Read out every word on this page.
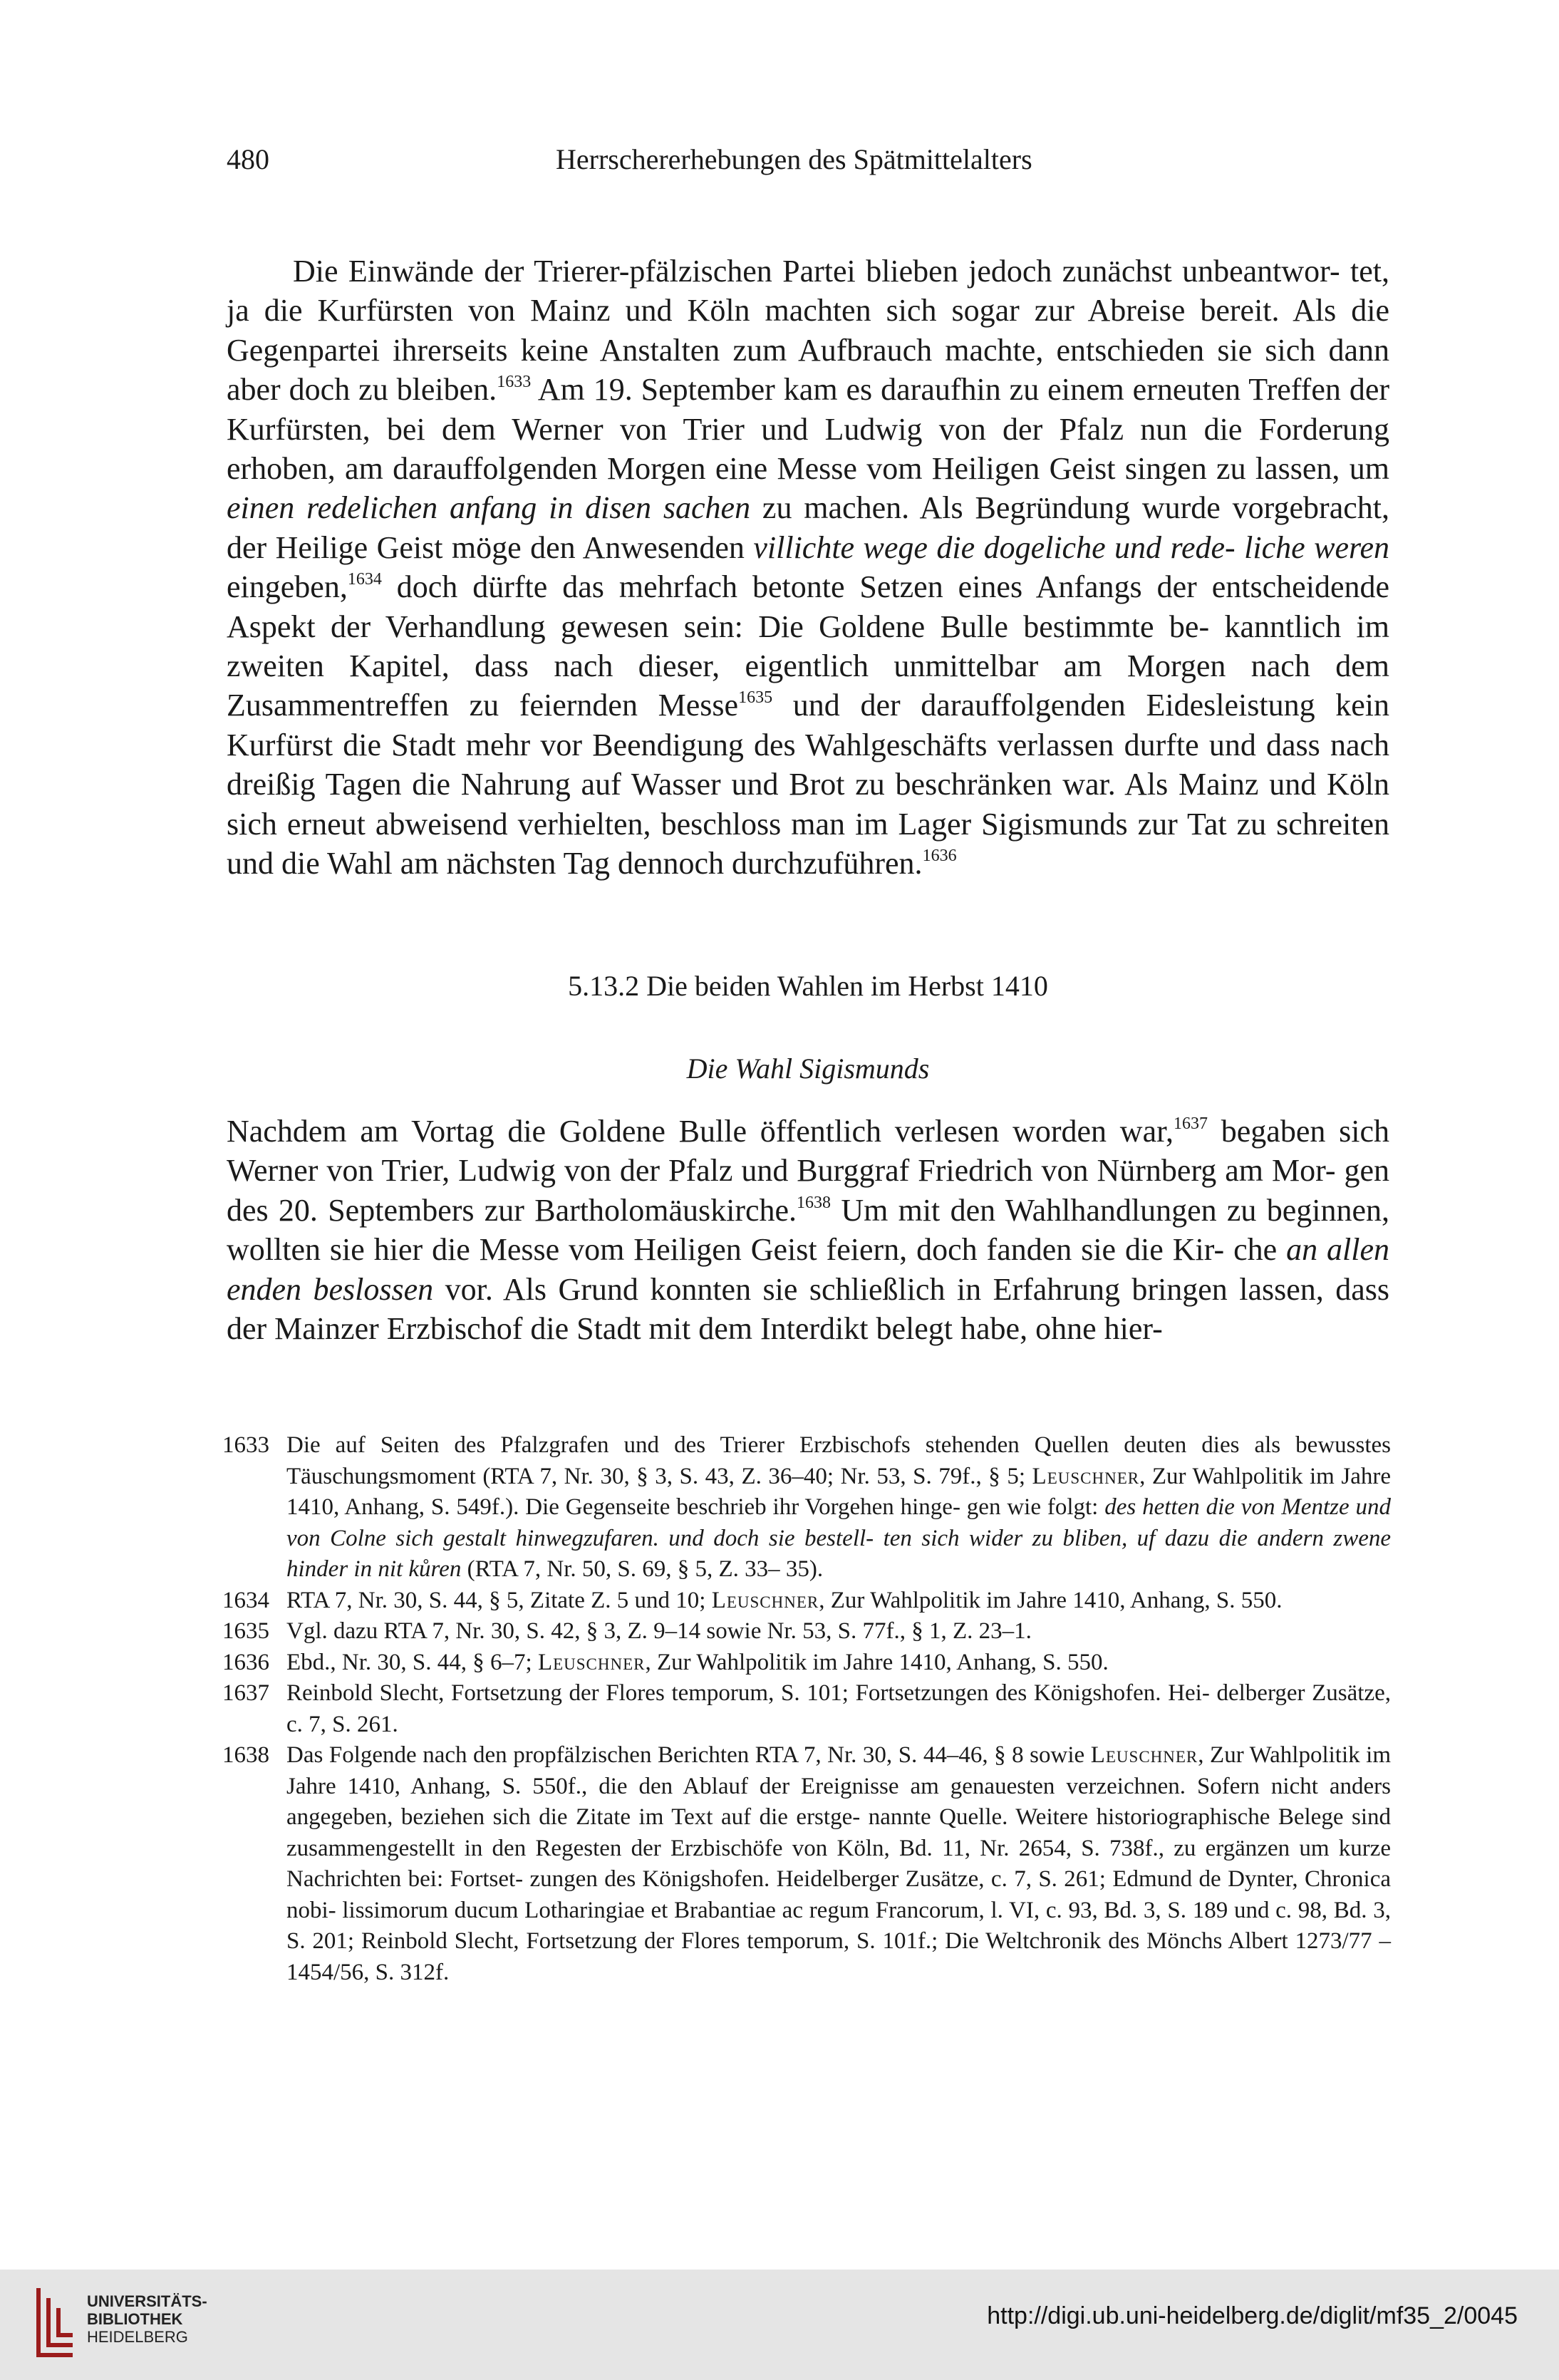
480	Herrschererhebungen des Spätmittelalters
Die Einwände der Trierer-pfälzischen Partei blieben jedoch zunächst unbeantwor- tet, ja die Kurfürsten von Mainz und Köln machten sich sogar zur Abreise bereit. Als die Gegenpartei ihrerseits keine Anstalten zum Aufbrauch machte, entschieden sie sich dann aber doch zu bleiben.$^{1633}$ Am 19. September kam es daraufhin zu einem erneuten Treffen der Kurfürsten, bei dem Werner von Trier und Ludwig von der Pfalz nun die Forderung erhoben, am darauffolgenden Morgen eine Messe vom Heiligen Geist singen zu lassen, um einen redelichen anfang in disen sachen zu machen. Als Begründung wurde vorgebracht, der Heilige Geist möge den Anwesenden villichte wege die dogeliche und rede- liche weren eingeben,$^{1634}$ doch dürfte das mehrfach betonte Setzen eines Anfangs der entscheidende Aspekt der Verhandlung gewesen sein: Die Goldene Bulle bestimmte be- kanntlich im zweiten Kapitel, dass nach dieser, eigentlich unmittelbar am Morgen nach dem Zusammentreffen zu feiernden Messe$^{1635}$ und der darauffolgenden Eidesleistung kein Kurfürst die Stadt mehr vor Beendigung des Wahlgeschäfts verlassen durfte und dass nach dreißig Tagen die Nahrung auf Wasser und Brot zu beschränken war. Als Mainz und Köln sich erneut abweisend verhielten, beschloss man im Lager Sigismunds zur Tat zu schreiten und die Wahl am nächsten Tag dennoch durchzuführen.$^{1636}$
5.13.2 Die beiden Wahlen im Herbst 1410
Die Wahl Sigismunds
Nachdem am Vortag die Goldene Bulle öffentlich verlesen worden war,$^{1637}$ begaben sich Werner von Trier, Ludwig von der Pfalz und Burggraf Friedrich von Nürnberg am Mor- gen des 20. Septembers zur Bartholomäuskirche.$^{1638}$ Um mit den Wahlhandlungen zu beginnen, wollten sie hier die Messe vom Heiligen Geist feiern, doch fanden sie die Kir- che an allen enden beslossen vor. Als Grund konnten sie schließlich in Erfahrung bringen lassen, dass der Mainzer Erzbischof die Stadt mit dem Interdikt belegt habe, ohne hier-
1633 Die auf Seiten des Pfalzgrafen und des Trierer Erzbischofs stehenden Quellen deuten dies als bewusstes Täuschungsmoment (RTA 7, Nr. 30, § 3, S. 43, Z. 36–40; Nr. 53, S. 79f., § 5; Leuschner, Zur Wahlpolitik im Jahre 1410, Anhang, S. 549f.). Die Gegenseite beschrieb ihr Vorgehen hinge- gen wie folgt: des hetten die von Mentze und von Colne sich gestalt hinwegzufaren. und doch sie bestell- ten sich wider zu bliben, uf dazu die andern zwene hinder in nit kůren (RTA 7, Nr. 50, S. 69, § 5, Z. 33– 35).
1634 RTA 7, Nr. 30, S. 44, § 5, Zitate Z. 5 und 10; Leuschner, Zur Wahlpolitik im Jahre 1410, Anhang, S. 550.
1635 Vgl. dazu RTA 7, Nr. 30, S. 42, § 3, Z. 9–14 sowie Nr. 53, S. 77f., § 1, Z. 23–1.
1636 Ebd., Nr. 30, S. 44, § 6–7; Leuschner, Zur Wahlpolitik im Jahre 1410, Anhang, S. 550.
1637 Reinbold Slecht, Fortsetzung der Flores temporum, S. 101; Fortsetzungen des Königshofen. Hei- delberger Zusätze, c. 7, S. 261.
1638 Das Folgende nach den propfälzischen Berichten RTA 7, Nr. 30, S. 44–46, § 8 sowie Leuschner, Zur Wahlpolitik im Jahre 1410, Anhang, S. 550f., die den Ablauf der Ereignisse am genauesten verzeichnen. Sofern nicht anders angegeben, beziehen sich die Zitate im Text auf die erstge- nannte Quelle. Weitere historiographische Belege sind zusammengestellt in den Regesten der Erzbischöfe von Köln, Bd. 11, Nr. 2654, S. 738f., zu ergänzen um kurze Nachrichten bei: Fortset- zungen des Königshofen. Heidelberger Zusätze, c. 7, S. 261; Edmund de Dynter, Chronica nobi- lissimorum ducum Lotharingiae et Brabantiae ac regum Francorum, l. VI, c. 93, Bd. 3, S. 189 und c. 98, Bd. 3, S. 201; Reinbold Slecht, Fortsetzung der Flores temporum, S. 101f.; Die Weltchronik des Mönchs Albert 1273/77 – 1454/56, S. 312f.
UNIVERSITÄTS-
BIBLIOTHEK
HEIDELBERG
http://digi.ub.uni-heidelberg.de/diglit/mf35_2/0045
